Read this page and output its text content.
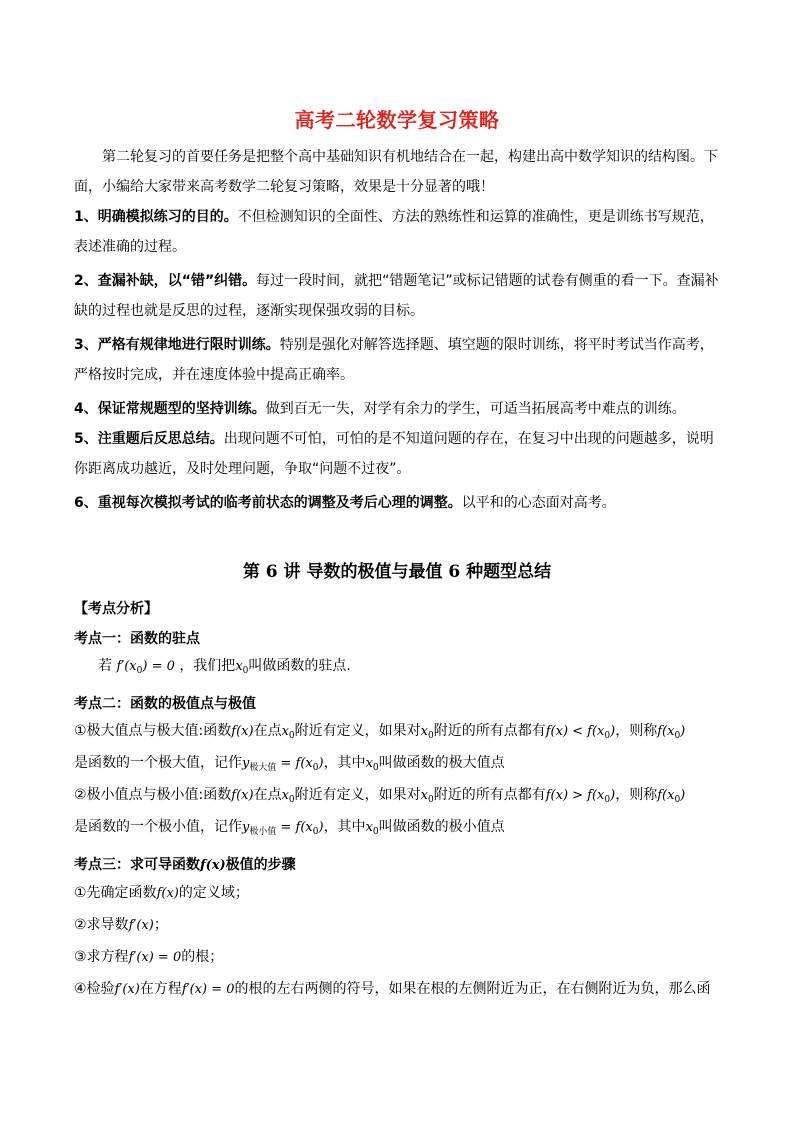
高考二轮数学复习策略
第二轮复习的首要任务是把整个高中基础知识有机地结合在一起，构建出高中数学知识的结构图。下面，小编给大家带来高考数学二轮复习策略，效果是十分显著的哦！
1、明确模拟练习的目的。不但检测知识的全面性、方法的熟练性和运算的准确性，更是训练书写规范，表述准确的过程。
2、查漏补缺，以“错”纠错。每过一段时间，就把“错题笔记”或标记错题的试卷有侧重的看一下。查漏补缺的过程也就是反思的过程，逐渐实现保强攻弱的目标。
3、严格有规律地进行限时训练。特别是强化对解答选择题、填空题的限时训练，将平时考试当作高考，严格按时完成，并在速度体验中提高正确率。
4、保证常规题型的坚持训练。做到百无一失，对学有余力的学生，可适当拓展高考中难点的训练。
5、注重题后反思总结。出现问题不可怕，可怕的是不知道问题的存在，在复习中出现的问题越多，说明你距离成功越近，及时处理问题，争取“问题不过夜”。
6、重视每次模拟考试的临考前状态的调整及考后心理的调整。以平和的心态面对高考。
第 6 讲 导数的极值与最值 6 种题型总结
【考点分析】
考点一：函数的驻点
若 $f'(x_0) = 0$ ，我们把$x_0$叫做函数的驻点.
考点二：函数的极值点与极值
①极大值点与极大值:函数f(x)在点$x_0$附近有定义，如果对$x_0$附近的所有点都有$f(x) < f(x_0)$，则称$f(x_0)$
是函数的一个极大值，记作$y_{极大值} = f(x_0)$，其中$x_0$叫做函数的极大值点
②极小值点与极小值:函数f(x)在点$x_0$附近有定义，如果对$x_0$附近的所有点都有$f(x) > f(x_0)$，则称$f(x_0)$
是函数的一个极小值，记作$y_{极小值} = f(x_0)$，其中$x_0$叫做函数的极小值点
考点三：求可导函数f(x)极值的步骤
①先确定函数f(x)的定义域；
②求导数f′(x)；
③求方程f′(x) = 0的根；
④检验f′(x)在方程f′(x) = 0的根的左右两侧的符号，如果在根的左侧附近为正，在右侧附近为负，那么函
